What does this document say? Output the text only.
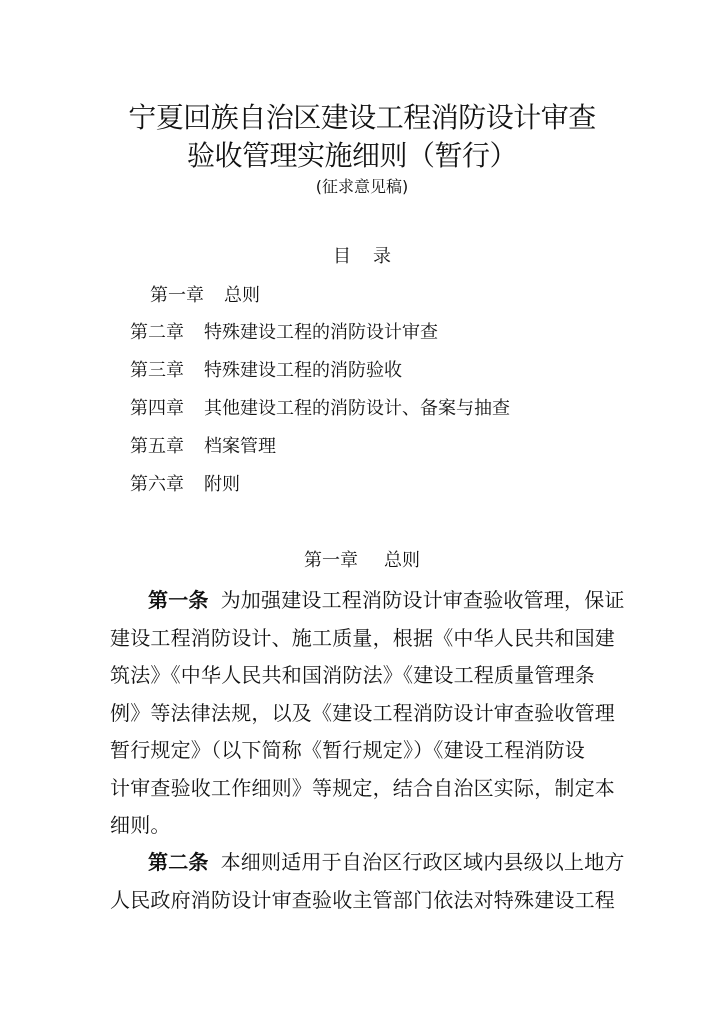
宁夏回族自治区建设工程消防设计审查
验收管理实施细则（暂行）
(征求意见稿)
目 录
第一章 总则
第二章 特殊建设工程的消防设计审查
第三章 特殊建设工程的消防验收
第四章 其他建设工程的消防设计、备案与抽查
第五章 档案管理
第六章 附则
第一章 总则
第一条 为加强建设工程消防设计审查验收管理，保证
建设工程消防设计、施工质量，根据《中华人民共和国建
筑法》《中华人民共和国消防法》《建设工程质量管理条
例》等法律法规，以及《建设工程消防设计审查验收管理
暂行规定》（以下简称《暂行规定》）《建设工程消防设
计审查验收工作细则》等规定，结合自治区实际，制定本
细则。
第二条 本细则适用于自治区行政区域内县级以上地方
人民政府消防设计审查验收主管部门依法对特殊建设工程
